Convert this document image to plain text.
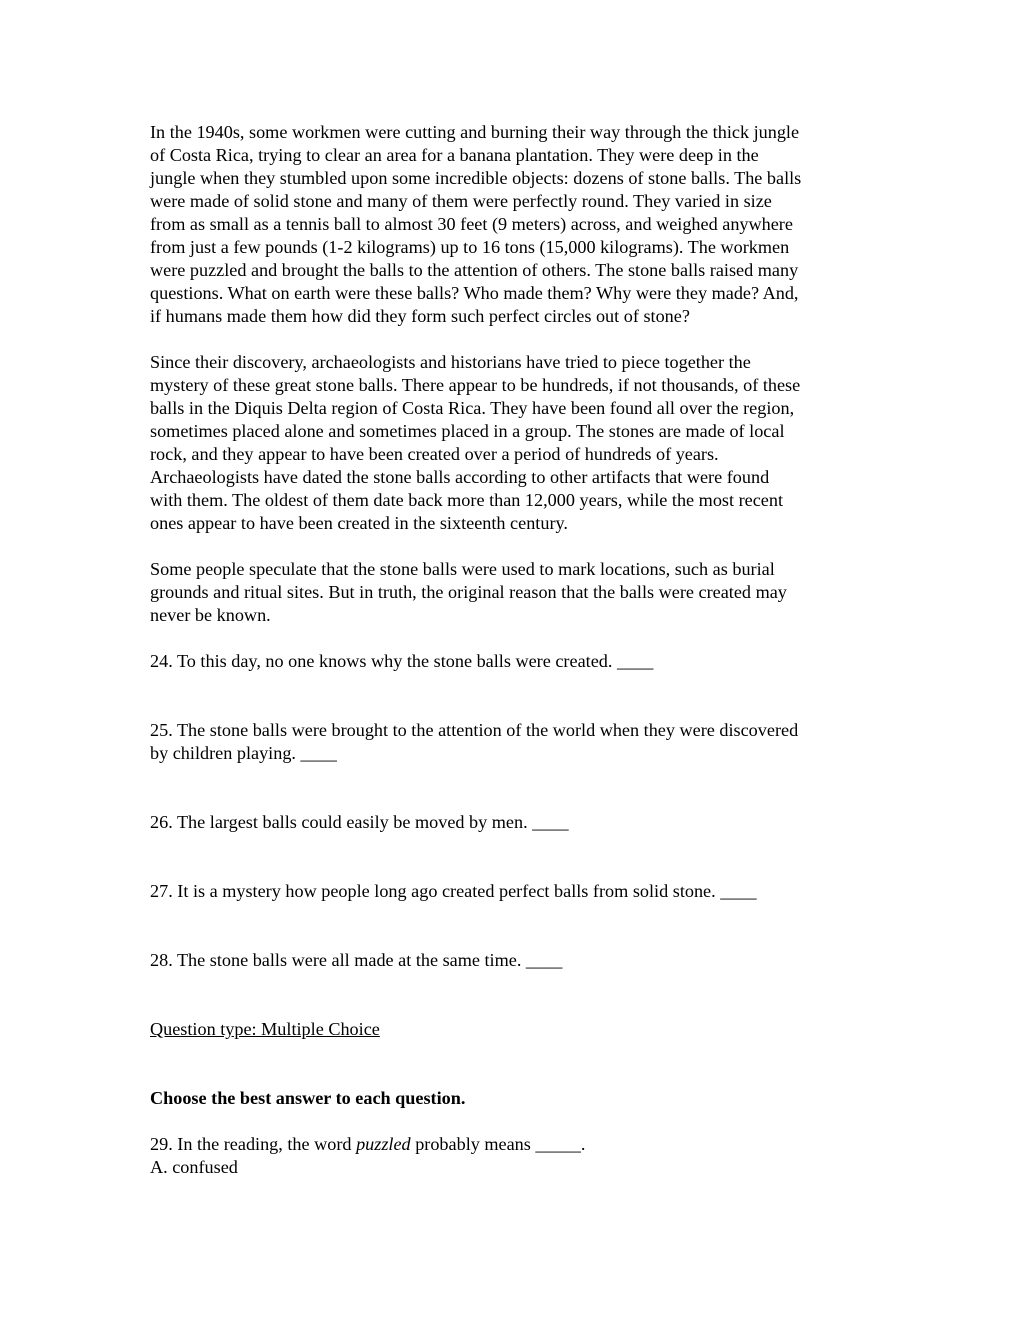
In the 1940s, some workmen were cutting and burning their way through the thick jungle
of Costa Rica, trying to clear an area for a banana plantation. They were deep in the
jungle when they stumbled upon some incredible objects: dozens of stone balls. The balls
were made of solid stone and many of them were perfectly round. They varied in size
from as small as a tennis ball to almost 30 feet (9 meters) across, and weighed anywhere
from just a few pounds (1-2 kilograms) up to 16 tons (15,000 kilograms). The workmen
were puzzled and brought the balls to the attention of others. The stone balls raised many
questions. What on earth were these balls? Who made them? Why were they made? And,
if humans made them how did they form such perfect circles out of stone?
Since their discovery, archaeologists and historians have tried to piece together the
mystery of these great stone balls. There appear to be hundreds, if not thousands, of these
balls in the Diquis Delta region of Costa Rica. They have been found all over the region,
sometimes placed alone and sometimes placed in a group. The stones are made of local
rock, and they appear to have been created over a period of hundreds of years.
Archaeologists have dated the stone balls according to other artifacts that were found
with them. The oldest of them date back more than 12,000 years, while the most recent
ones appear to have been created in the sixteenth century.
Some people speculate that the stone balls were used to mark locations, such as burial
grounds and ritual sites. But in truth, the original reason that the balls were created may
never be known.
24. To this day, no one knows why the stone balls were created. ____
25. The stone balls were brought to the attention of the world when they were discovered
by children playing. ____
26. The largest balls could easily be moved by men. ____
27. It is a mystery how people long ago created perfect balls from solid stone. ____
28. The stone balls were all made at the same time. ____
Question type: Multiple Choice
Choose the best answer to each question.
29. In the reading, the word puzzled probably means _____.
A. confused
